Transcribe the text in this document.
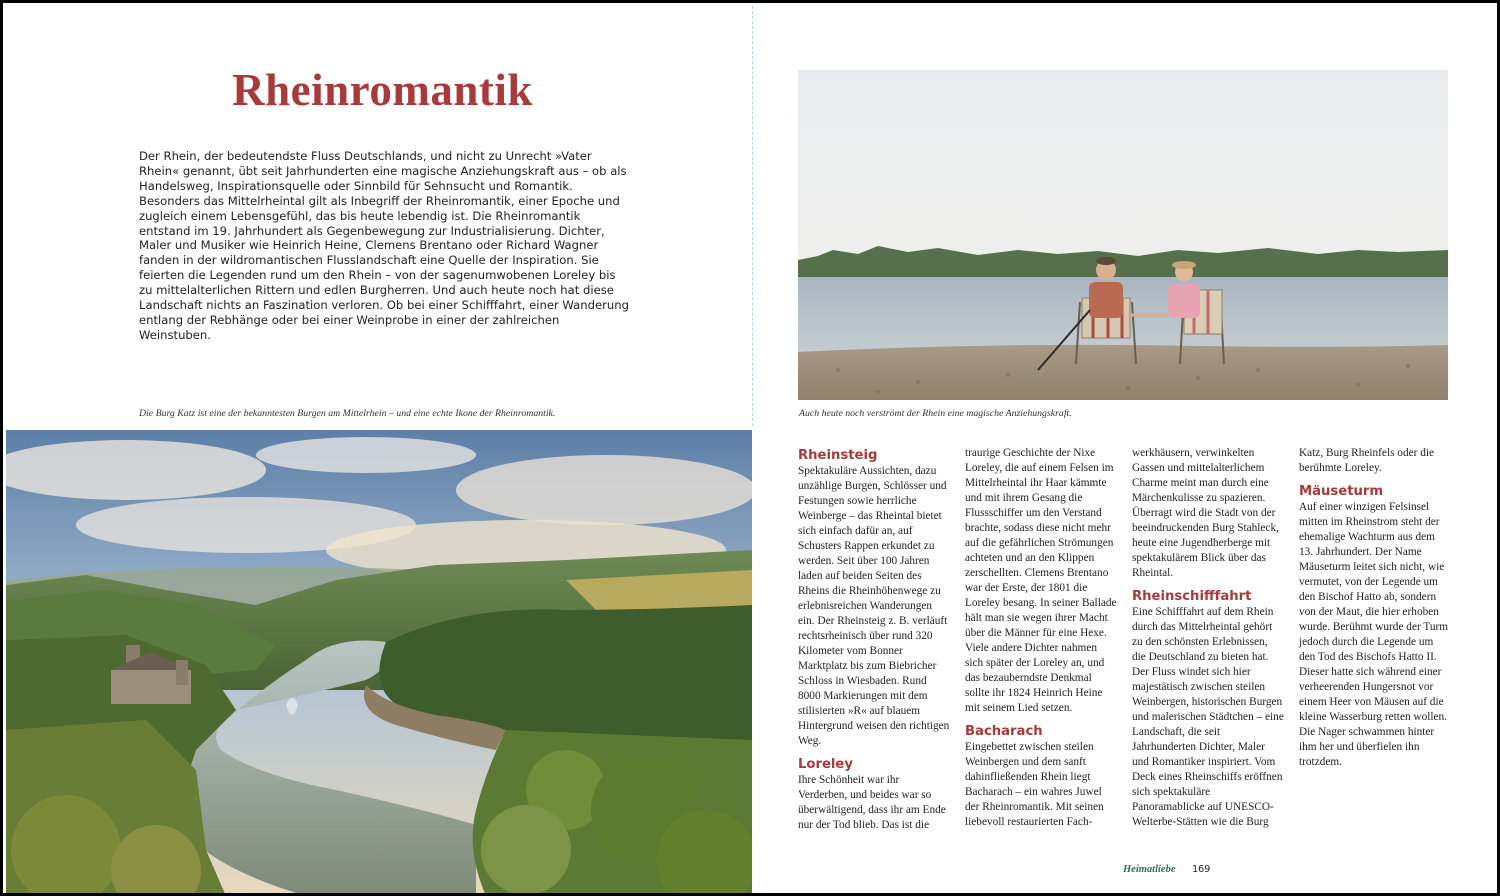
Rheinromantik

Der Rhein, der bedeutendste Fluss Deutschlands, und nicht zu Unrecht »Vater Rhein« genannt, übt seit Jahrhunderten eine magische Anziehungskraft aus – ob als Handelsweg, Inspirationsquelle oder Sinnbild für Sehnsucht und Romantik. Besonders das Mittelrheintal gilt als Inbegriff der Rheinromantik, einer Epoche und zugleich einem Lebensgefühl, das bis heute lebendig ist. Die Rheinromantik entstand im 19. Jahrhundert als Gegenbewegung zur Industrialisierung. Dichter, Maler und Musiker wie Heinrich Heine, Clemens Brentano oder Richard Wagner fanden in der wildromantischen Flusslandschaft eine Quelle der Inspiration. Sie feierten die Legenden rund um den Rhein – von der sagenumwobenen Loreley bis zu mittelalterlichen Rittern und edlen Burgherren. Und auch heute noch hat diese Landschaft nichts an Faszination verloren. Ob bei einer Schifffahrt, einer Wanderung entlang der Rebhänge oder bei einer Weinprobe in einer der zahlreichen Weinstuben.

Die Burg Katz ist eine der bekanntesten Burgen am Mittelrhein – und eine echte Ikone der Rheinromantik.	Auch heute noch verströmt der Rhein eine magische Anziehungskraft.

Rheinsteig

Spektakuläre Aussichten, dazu unzählige Burgen, Schlösser und Festungen sowie herrliche Weinberge – das Rheintal bietet sich einfach dafür an, auf Schusters Rappen erkundet zu werden. Seit über 100 Jahren laden auf beiden Seiten des Rheins die Rheinhöhenwege zu erlebnisreichen Wanderungen ein. Der Rheinsteig z. B. verläuft rechtsrheinisch über rund 320 Kilometer vom Bonner Marktplatz bis zum Biebricher Schloss in Wiesbaden. Rund 8000 Markierungen mit dem stilisierten »R« auf blauem Hintergrund weisen den richtigen Weg.

Loreley

Ihre Schönheit war ihr Verderben, und beides war so überwältigend, dass ihr am Ende nur der Tod blieb. Das ist die

traurige Geschichte der Nixe Loreley, die auf einem Felsen im Mittelrheintal ihr Haar kämmte und mit ihrem Gesang die Flussschiffer um den Verstand brachte, sodass diese nicht mehr auf die gefährlichen Strömungen achteten und an den Klippen zerschellten. Clemens Brentano war der Erste, der 1801 die Loreley besang. In seiner Ballade hält man sie wegen ihrer Macht über die Männer für eine Hexe. Viele andere Dichter nahmen sich später der Loreley an, und das bezauberndste Denkmal sollte ihr 1824 Heinrich Heine mit seinem Lied setzen.

Bacharach

Eingebettet zwischen steilen Weinbergen und dem sanft dahinfließenden Rhein liegt Bacharach – ein wahres Juwel der Rheinromantik. Mit seinen liebevoll restaurierten Fach-

werkhäusern, verwinkelten Gassen und mittelalterlichem Charme meint man durch eine Märchenkulisse zu spazieren. Überragt wird die Stadt von der beeindruckenden Burg Stahleck, heute eine Jugendherberge mit spektakulärem Blick über das Rheintal.

Rheinschifffahrt

Eine Schifffahrt auf dem Rhein durch das Mittelrheintal gehört zu den schönsten Erlebnissen, die Deutschland zu bieten hat. Der Fluss windet sich hier majestätisch zwischen steilen Weinbergen, historischen Burgen und malerischen Städtchen – eine Landschaft, die seit Jahrhunderten Dichter, Maler und Romantiker inspiriert. Vom Deck eines Rheinschiffs eröffnen sich spektakuläre Panoramablicke auf UNESCO-Welterbe-Stätten wie die Burg

Katz, Burg Rheinfels oder die berühmte Loreley.

Mäuseturm

Auf einer winzigen Felsinsel mitten im Rheinstrom steht der ehemalige Wachturm aus dem 13. Jahrhundert. Der Name Mäuseturm leitet sich nicht, wie vermutet, von der Legende um den Bischof Hatto ab, sondern von der Maut, die hier erhoben wurde. Berühmt wurde der Turm jedoch durch die Legende um den Tod des Bischofs Hatto II. Dieser hatte sich während einer verheerenden Hungersnot vor einem Heer von Mäusen auf die kleine Wasserburg retten wollen. Die Nager schwammen hinter ihm her und überfielen ihn trotzdem.

Heimatliebe 169
